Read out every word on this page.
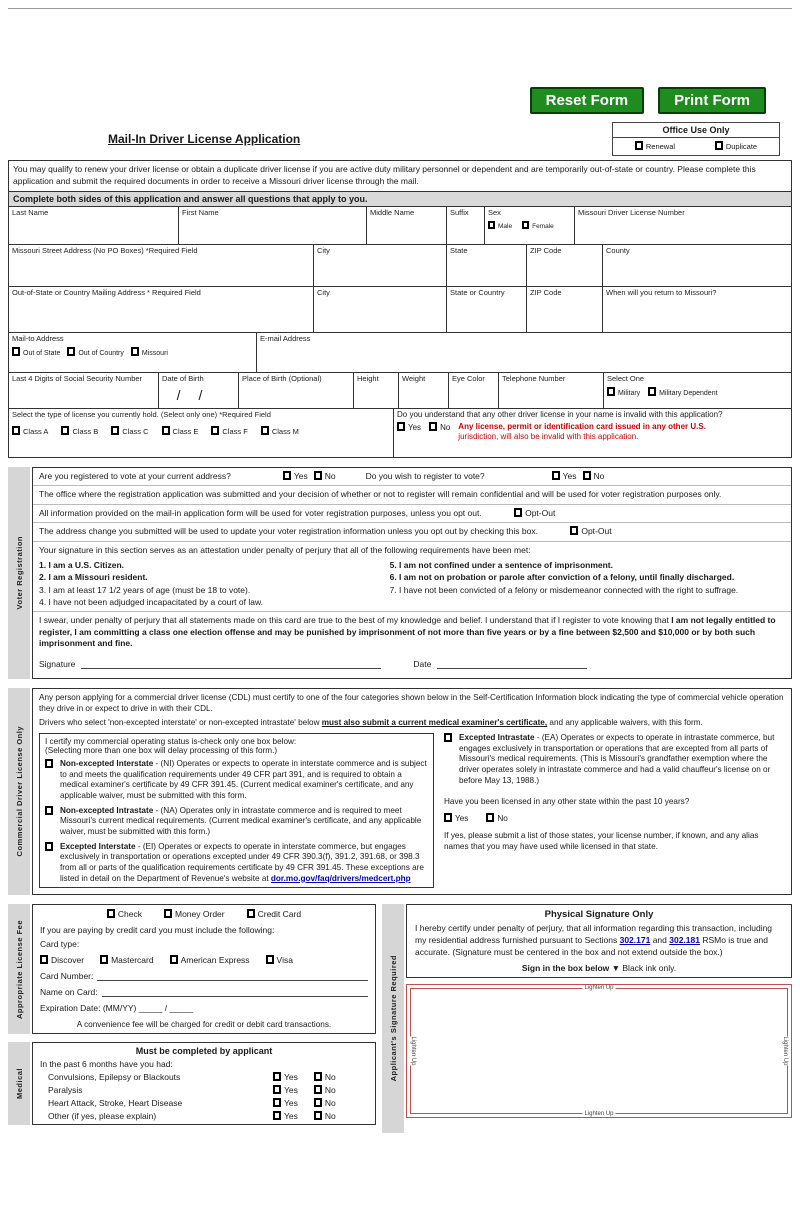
Reset Form	Print Form
Mail-In Driver License Application
Office Use Only
Renewal	Duplicate
You may qualify to renew your driver license or obtain a duplicate driver license if you are active duty military personnel or dependent and are temporarily out-of-state or country. Please complete this application and submit the required documents in order to receive a Missouri driver license through the mail.
Complete both sides of this application and answer all questions that apply to you.
Last Name	First Name	Middle Name	Suffix	Sex
Male	Female
Missouri Driver License Number
Missouri Street Address (No PO Boxes) *Required Field	City	State	ZIP Code	County
Out-of-State or Country Mailing Address * Required Field	City	State or Country	ZIP Code	When will you return to Missouri?
Mail-to Address
Out of State	Out of Country	Missouri
E-mail Address
Last 4 Digits of Social Security Number	Date of Birth
//
Place of Birth (Optional)	Height	Weight	Eye Color	Telephone Number	Select One
Military	Military Dependent
Select the type of license you currently hold. (Select only one) *Required Field
Class A	Class B	Class C	Class E	Class F	Class M
Do you understand that any other driver license in your name is invalid with this application?
Yes	No Any license, permit or identification card issued in any other U.S.
jurisdiction, will also be invalid with this application.
Voter Registration
Are you registered to vote at your current address?	Yes	No	Do you wish to register to vote?	Yes	No
The office where the registration application was submitted and your decision of whether or not to register will remain confidential and will be used for voter registration purposes only.
All information provided on the mail-in application form will be used for voter registration purposes, unless you opt out.	Opt-Out
The address change you submitted will be used to update your voter registration information unless you opt out by checking this box.	Opt-Out
Your signature in this section serves as an attestation under penalty of perjury that all of the following requirements have been met:
1. I am a U.S. Citizen.
2. I am a Missouri resident.
3. I am at least 17 1/2 years of age (must be 18 to vote).
4. I have not been adjudged incapacitated by a court of law.
5. I am not confined under a sentence of imprisonment.
6. I am not on probation or parole after conviction of a felony, until finally discharged.
7. I have not been convicted of a felony or misdemeanor connected with the right to suffrage.
I swear, under penalty of perjury that all statements made on this card are true to the best of my knowledge and belief. I understand that if I register to vote knowing that I am not legally entitled to register, I am committing a class one election offense and may be punished by imprisonment of not more than five years or by a fine between $2,500 and $10,000 or by both such imprisonment and fine.
Signature	Date
Commercial Driver License Only
Any person applying for a commercial driver license (CDL) must certify to one of the four categories shown below in the Self-Certification Information block indicating the type of commercial vehicle operation they drive in or expect to drive in with their CDL.
Drivers who select 'non-excepted interstate' or non-excepted intrastate' below must also submit a current medical examiner's certificate, and any applicable waivers, with this form.
I certify my commercial operating status is-check only one box below:
(Selecting more than one box will delay processing of this form.)
Non-excepted Interstate - (NI) Operates or expects to operate in interstate commerce and is subject to and meets the qualification requirements under 49 CFR part 391, and is required to obtain a medical examiner's certificate by 49 CFR 391.45. (Current medical examiner's certificate, and any applicable waiver, must be submitted with this form.
Non-excepted Intrastate - (NA) Operates only in intrastate commerce and is required to meet Missouri's current medical requirements. (Current medical examiner's certificate, and any applicable waiver, must be submitted with this form.)
Excepted Interstate - (EI) Operates or expects to operate in interstate commerce, but engages exclusively in transportation or operations excepted under 49 CFR 390.3(f), 391.2, 391.68, or 398.3 from all or parts of the qualification requirements certificate by 49 CFR 391.45. These exceptions are listed in detail on the Department of Revenue's website at dor.mo.gov/faq/drivers/medcert.php
Excepted Intrastate - (EA) Operates or expects to operate in intrastate commerce, but engages exclusively in transportation or operations that are excepted from all parts of Missouri's medical requirements. (This is Missouri's grandfather exemption where the driver operates solely in intrastate commerce and had a valid chauffeur's license on or before May 13, 1988.)
Have you been licensed in any other state within the past 10 years?
Yes	No
If yes, please submit a list of those states, your license number, if known, and any alias names that you may have used while licensed in that state.
Appropriate License Fee
Check	Money Order	Credit Card
If you are paying by credit card you must include the following:
Card type:
Discover	Mastercard	American Express	Visa
Card Number:
Name on Card:
Expiration Date: (MM/YY) _____ / _____
A convenience fee will be charged for credit or debit card transactions.
Medical
Must be completed by applicant
In the past 6 months have you had:
Convulsions, Epilepsy or Blackouts	Yes	No
Paralysis	Yes	No
Heart Attack, Stroke, Heart Disease	Yes	No
Other (if yes, please explain)	Yes	No
Applicant's Signature Required
Physical Signature Only
I hereby certify under penalty of perjury, that all information regarding this transaction, including my residential address furnished pursuant to Sections 302.171 and 302.181 RSMo is true and accurate. (Signature must be centered in the box and not extend outside the box.)
Sign in the box below ▼ Black ink only.
Lighten Up
Lighten Up
Lighten Up	Lighten Up
